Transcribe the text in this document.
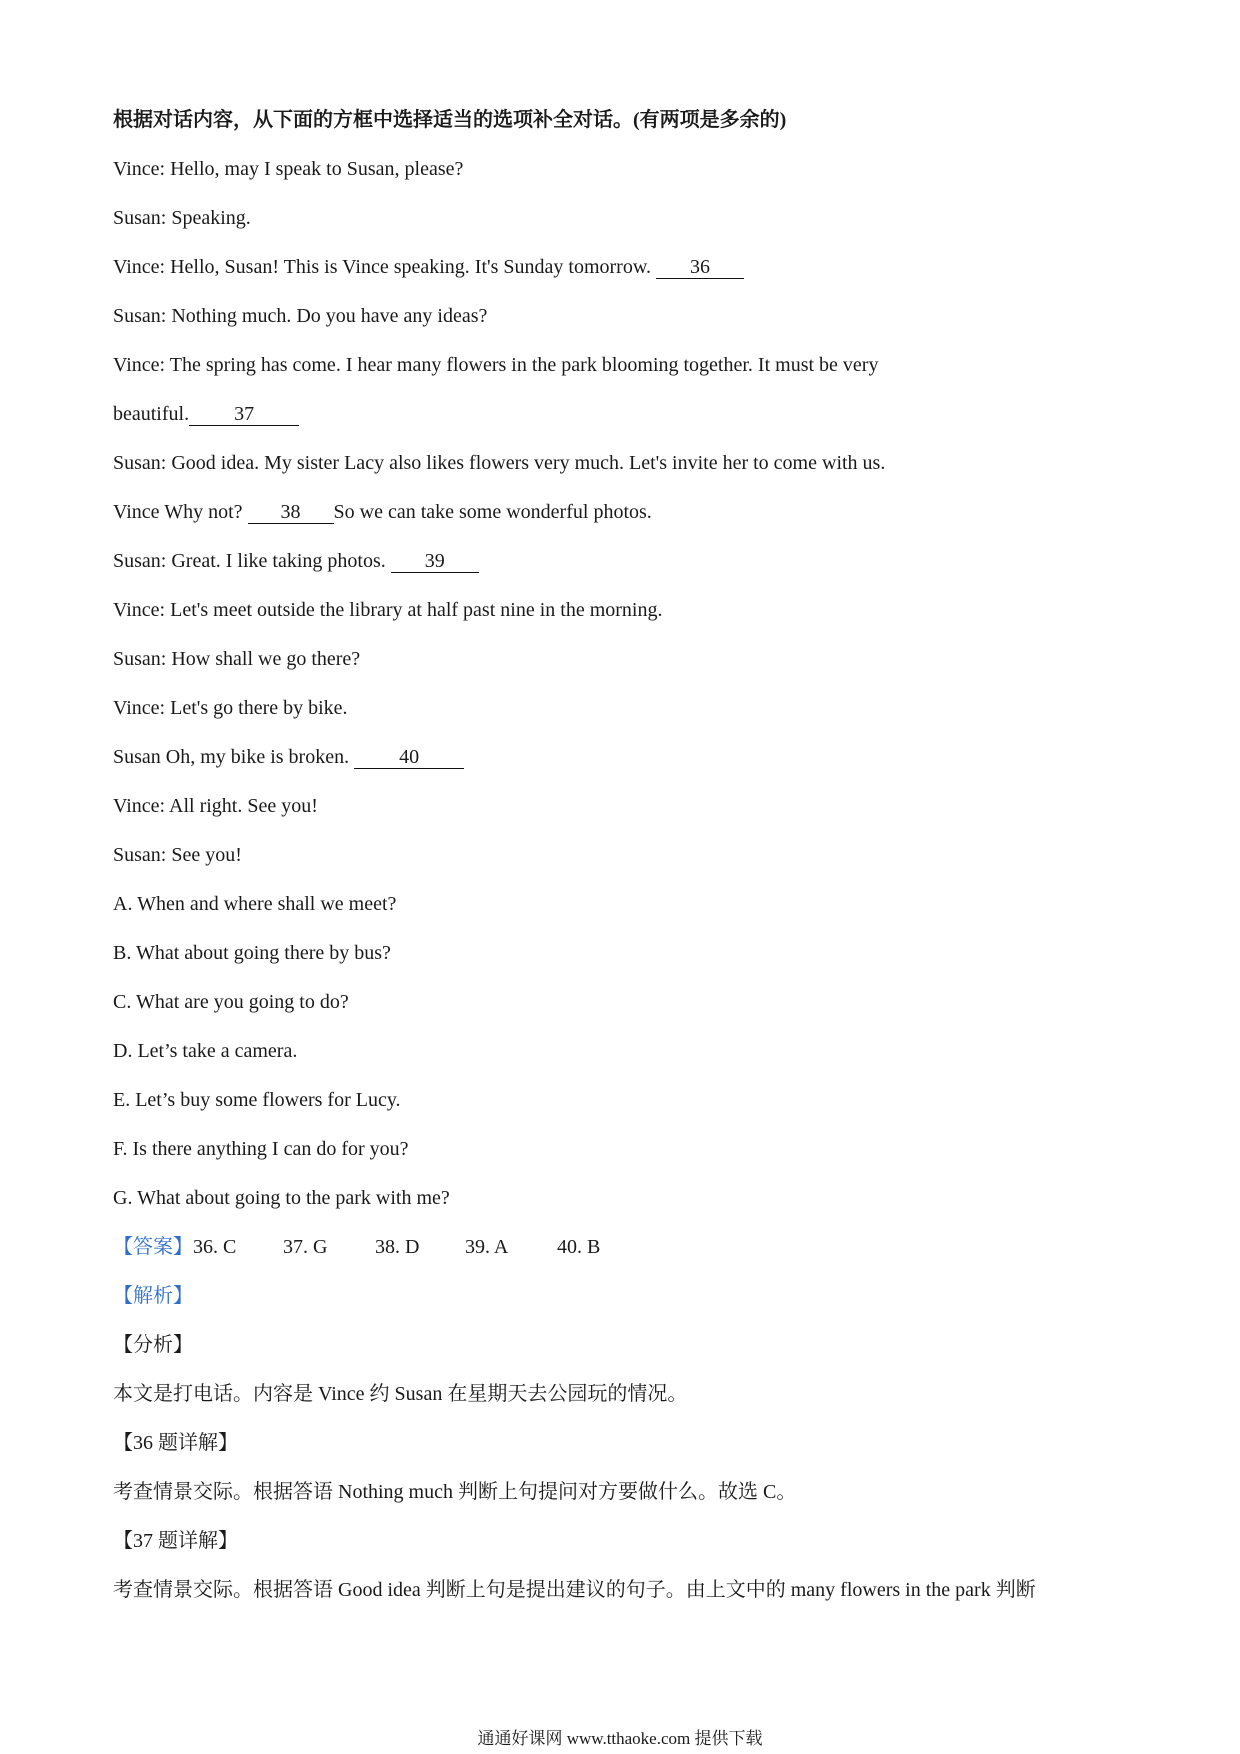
根据对话内容，从下面的方框中选择适当的选项补全对话。(有两项是多余的)
Vince: Hello, may I speak to Susan, please?
Susan: Speaking.
Vince: Hello, Susan! This is Vince speaking. It's Sunday tomorrow. 36
Susan: Nothing much. Do you have any ideas?
Vince: The spring has come. I hear many flowers in the park blooming together. It must be very
beautiful. 37
Susan: Good idea. My sister Lacy also likes flowers very much. Let's invite her to come with us.
Vince Why not? 38 So we can take some wonderful photos.
Susan: Great. I like taking photos. 39
Vince: Let's meet outside the library at half past nine in the morning.
Susan: How shall we go there?
Vince: Let's go there by bike.
Susan Oh, my bike is broken. 40
Vince: All right. See you!
Susan: See you!
A. When and where shall we meet?
B. What about going there by bus?
C. What are you going to do?
D. Let’s take a camera.
E. Let’s buy some flowers for Lucy.
F. Is there anything I can do for you?
G. What about going to the park with me?
【答案】36. C 37. G 38. D 39. A 40. B
【解析】
【分析】
本文是打电话。内容是 Vince 约 Susan 在星期天去公园玩的情况。
【36 题详解】
考查情景交际。根据答语 Nothing much 判断上句提问对方要做什么。故选 C。
【37 题详解】
考查情景交际。根据答语 Good idea 判断上句是提出建议的句子。由上文中的 many flowers in the park 判断
通通好课网 www.tthaoke.com 提供下载
